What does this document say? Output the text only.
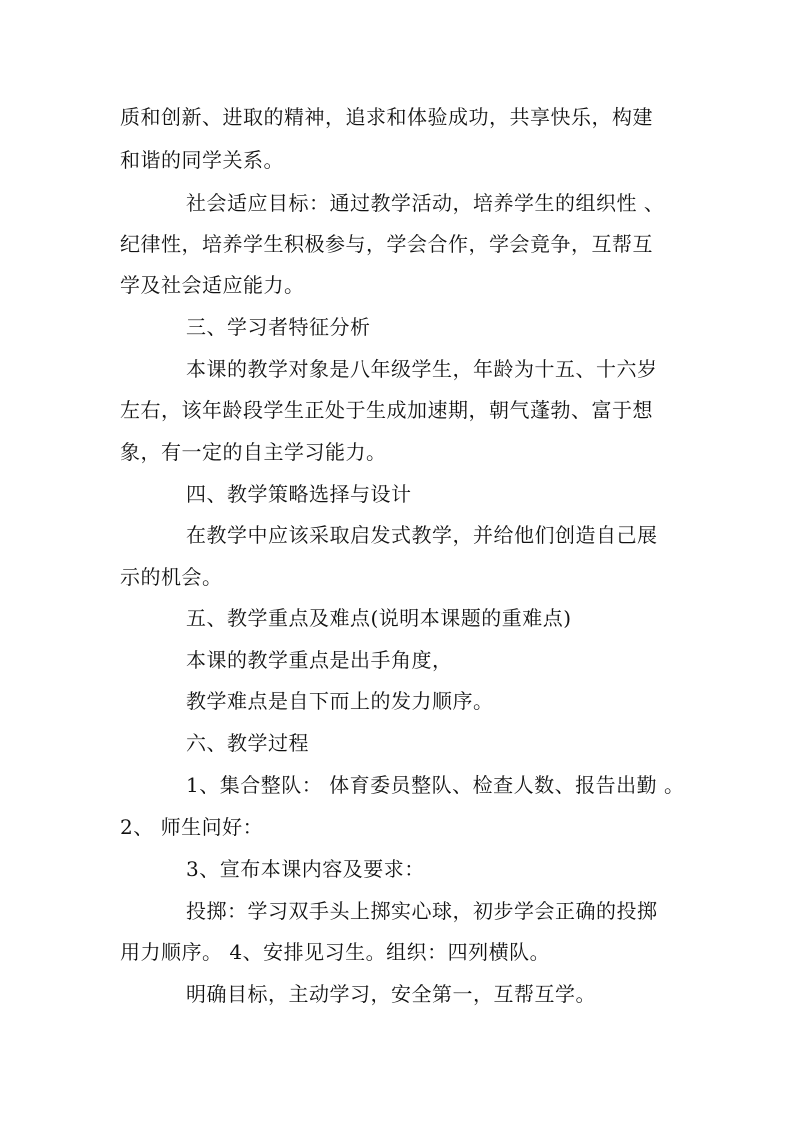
质和创新、进取的精神，追求和体验成功，共享快乐，构建
和谐的同学关系。
社会适应目标：通过教学活动，培养学生的组织性 、
纪律性，培养学生积极参与，学会合作，学会竟争，互帮互
学及社会适应能力。
三、学习者特征分析
本课的教学对象是八年级学生，年龄为十五、十六岁
左右，该年龄段学生正处于生成加速期，朝气蓬勃、富于想
象，有一定的自主学习能力。
四、教学策略选择与设计
在教学中应该采取启发式教学，并给他们创造自己展
示的机会。
五、教学重点及难点(说明本课题的重难点)
本课的教学重点是出手角度，
教学难点是自下而上的发力顺序。
六、教学过程
1、集合整队： 体育委员整队、检查人数、报告出勤 。
2、 师生问好：
3、宣布本课内容及要求：
投掷：学习双手头上掷实心球，初步学会正确的投掷
用力顺序。 4、安排见习生。组织：四列横队。
明确目标，主动学习，安全第一，互帮互学。
